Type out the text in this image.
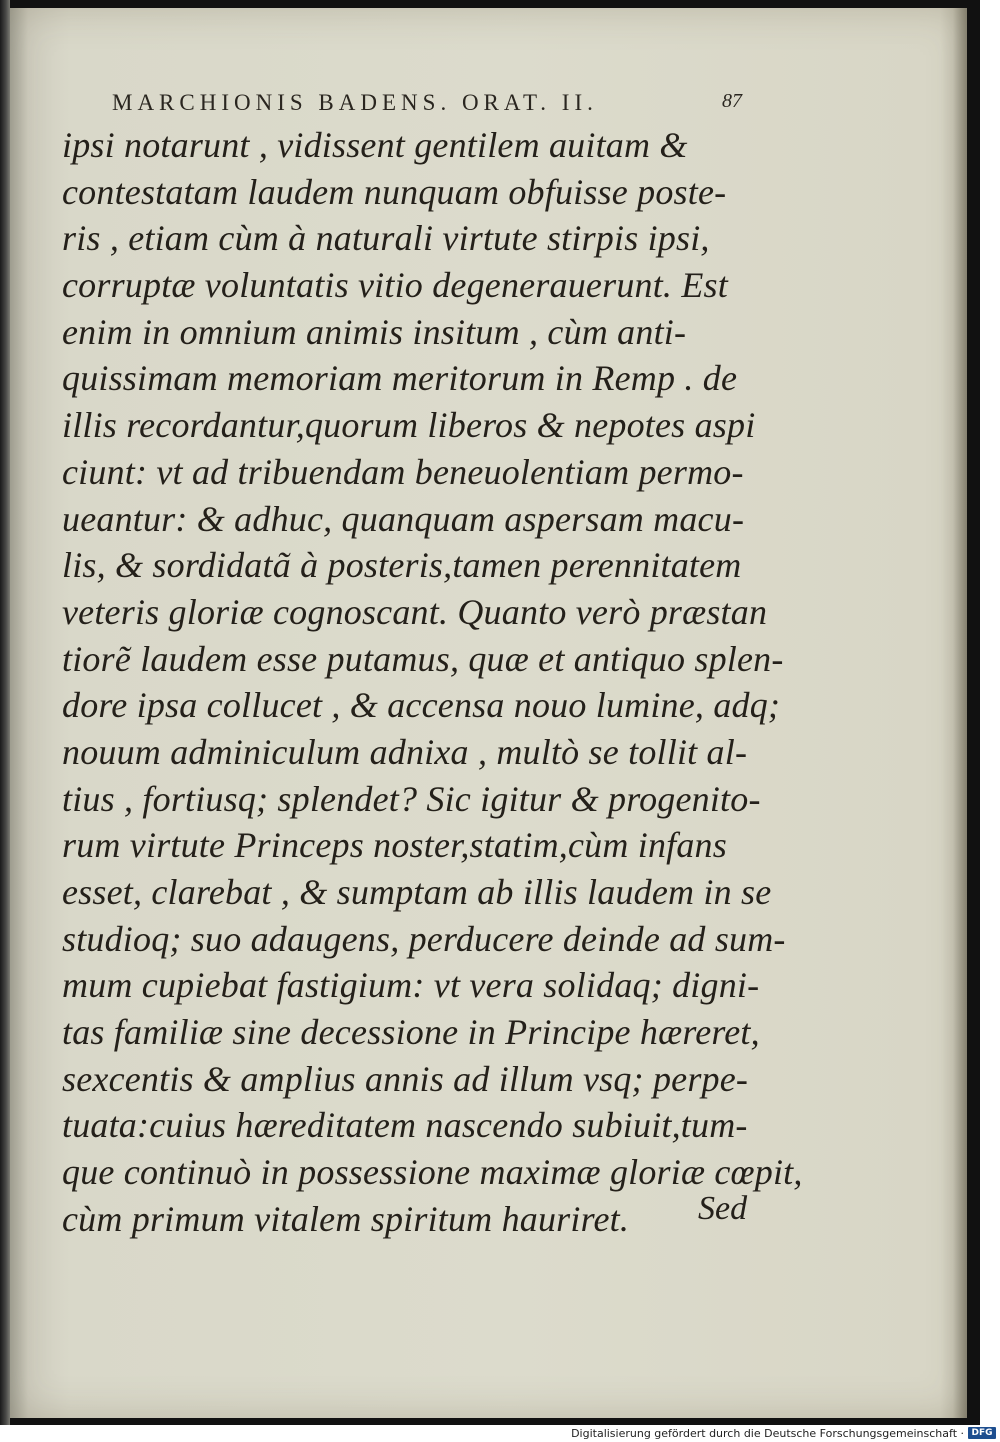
MARCHIONIS BADENS. ORAT. II.	87
ipsi notarunt , vidissent gentilem auitam &
contestatam laudem nunquam obfuisse poste-
ris , etiam cùm à naturali virtute stirpis ipsi,
corruptæ voluntatis vitio degenerauerunt. Est
enim in omnium animis insitum , cùm anti-
quissimam memoriam meritorum in Remp . de
illis recordantur,quorum liberos & nepotes aspi
ciunt: vt ad tribuendam beneuolentiam permo-
ueantur: & adhuc, quanquam aspersam macu-
lis, & sordidatã à posteris,tamen perennitatem
veteris gloriæ cognoscant. Quanto verò præstan
tiorẽ laudem esse putamus, quæ et antiquo splen-
dore ipsa collucet , & accensa nouo lumine, adq;
nouum adminiculum adnixa , multò se tollit al-
tius , fortiusq; splendet? Sic igitur & progenito-
rum virtute Princeps noster,statim,cùm infans
esset, clarebat , & sumptam ab illis laudem in se
studioq; suo adaugens, perducere deinde ad sum-
mum cupiebat fastigium: vt vera solidaq; digni-
tas familiæ sine decessione in Principe hæreret,
sexcentis & amplius annis ad illum vsq; perpe-
tuata:cuius hæreditatem nascendo subiuit,tum-
que continuò in possessione maximæ gloriæ cœpit,
cùm primum vitalem spiritum hauriret.	Sed
Digitalisierung gefördert durch die Deutsche Forschungsgemeinschaft · DFG
